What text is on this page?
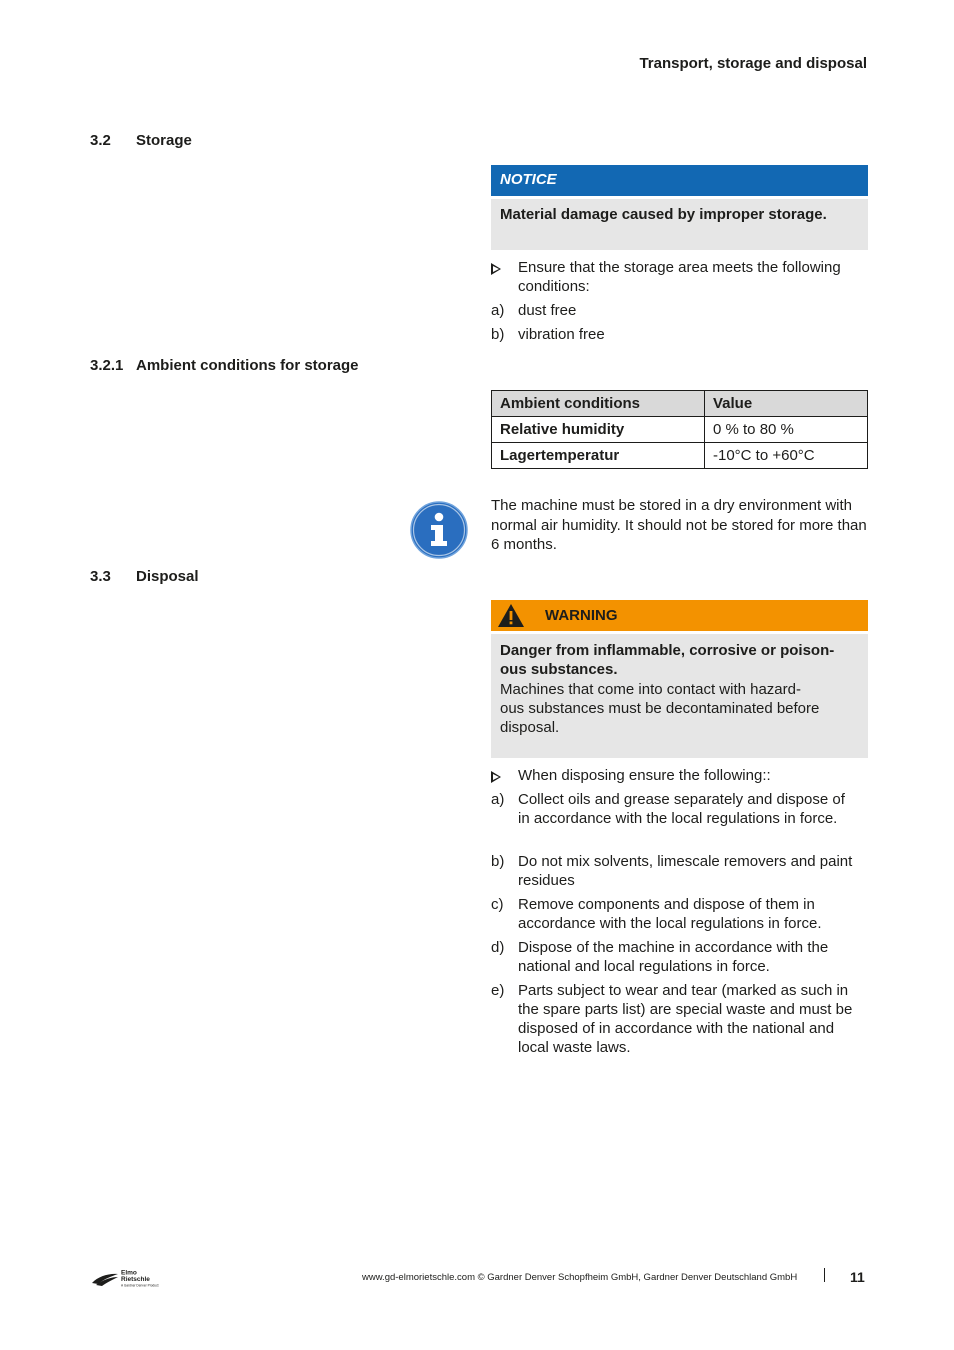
Transport, storage and disposal
3.2 Storage
NOTICE
Material damage caused by improper storage.
Ensure that the storage area meets the following conditions:
a) dust free
b) vibration free
3.2.1 Ambient conditions for storage
Ambient conditions	Value
Relative humidity	0 % to 80 %
Lagertemperatur	-10°C to +60°C
The machine must be stored in a dry environment with normal air humidity. It should not be stored for more than 6 months.
3.3 Disposal
WARNING
Danger from inflammable, corrosive or poison-
ous substances.
Machines that come into contact with hazard-
ous substances must be decontaminated before
disposal.
When disposing ensure the following::
a) Collect oils and grease separately and dispose of in accordance with the local regulations in force.
b) Do not mix solvents, limescale removers and paint residues
c) Remove components and dispose of them in accordance with the local regulations in force.
d) Dispose of the machine in accordance with the national and local regulations in force.
e) Parts subject to wear and tear (marked as such in the spare parts list) are special waste and must be disposed of in accordance with the national and local waste laws.
Elmo
Rietschle
A Gardner Denver Product
www.gd-elmorietschle.com © Gardner Denver Schopfheim GmbH, Gardner Denver Deutschland GmbH	11
